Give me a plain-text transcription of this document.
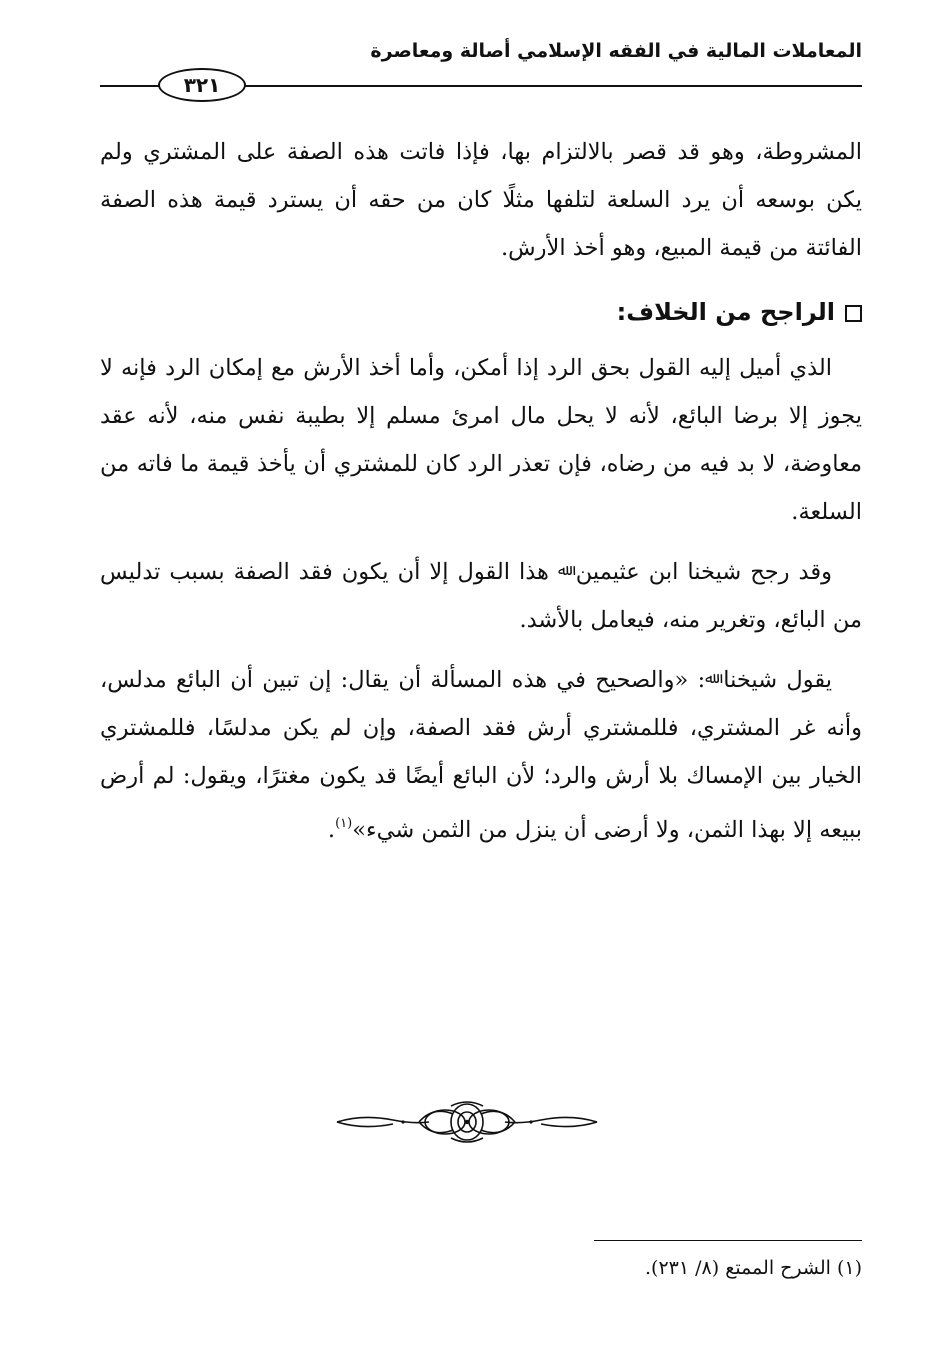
المعاملات المالية في الفقه الإسلامي أصالة ومعاصرة
٣٢١

المشروطة، وهو قد قصر بالالتزام بها، فإذا فاتت هذه الصفة على المشتري ولم يكن بوسعه أن يرد السلعة لتلفها مثلًا كان من حقه أن يسترد قيمة هذه الصفة الفائتة من قيمة المبيع، وهو أخذ الأرش.

الراجح من الخلاف:

الذي أميل إليه القول بحق الرد إذا أمكن، وأما أخذ الأرش مع إمكان الرد فإنه لا يجوز إلا برضا البائع، لأنه لا يحل مال امرئ مسلم إلا بطيبة نفس منه، لأنه عقد معاوضة، لا بد فيه من رضاه، فإن تعذر الرد كان للمشتري أن يأخذ قيمة ما فاته من السلعة.

وقد رجح شيخنا ابن عثيمين ﷲ هذا القول إلا أن يكون فقد الصفة بسبب تدليس من البائع، وتغرير منه، فيعامل بالأشد.

يقول شيخنا ﷲ: «والصحيح في هذه المسألة أن يقال: إن تبين أن البائع مدلس، وأنه غر المشتري، فللمشتري أرش فقد الصفة، وإن لم يكن مدلسًا، فللمشتري الخيار بين الإمساك بلا أرش والرد؛ لأن البائع أيضًا قد يكون مغترًا، ويقول: لم أرض ببيعه إلا بهذا الثمن، ولا أرضى أن ينزل من الثمن شيء»$^{(١)}$.

(١) الشرح الممتع (٨/ ٢٣١).
